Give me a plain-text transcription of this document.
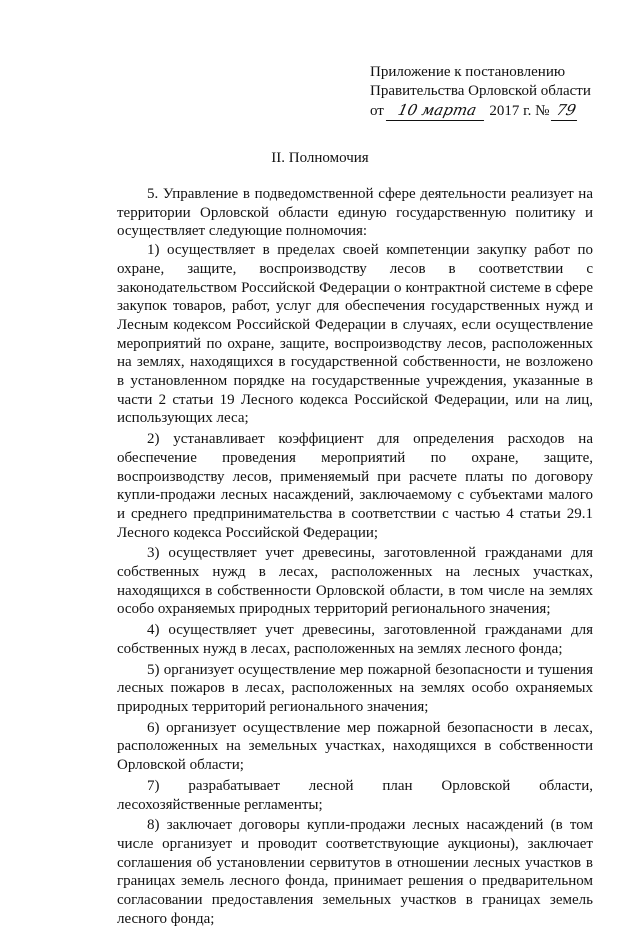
Приложение к постановлению
Правительства Орловской области
от 10 марта 2017 г. № 79
II. Полномочия

5. Управление в подведомственной сфере деятельности реализует на территории Орловской области единую государственную политику и осуществляет следующие полномочия:

1) осуществляет в пределах своей компетенции закупку работ по охране, защите, воспроизводству лесов в соответствии с законодательством Российской Федерации о контрактной системе в сфере закупок товаров, работ, услуг для обеспечения государственных нужд и Лесным кодексом Российской Федерации в случаях, если осуществление мероприятий по охране, защите, воспроизводству лесов, расположенных на землях, находящихся в государственной собственности, не возложено в установленном порядке на государственные учреждения, указанные в части 2 статьи 19 Лесного кодекса Российской Федерации, или на лиц, использующих леса;

2) устанавливает коэффициент для определения расходов на обеспечение проведения мероприятий по охране, защите, воспроизводству лесов, применяемый при расчете платы по договору купли-продажи лесных насаждений, заключаемому с субъектами малого и среднего предпринимательства в соответствии с частью 4 статьи 29.1 Лесного кодекса Российской Федерации;

3) осуществляет учет древесины, заготовленной гражданами для собственных нужд в лесах, расположенных на лесных участках, находящихся в собственности Орловской области, в том числе на землях особо охраняемых природных территорий регионального значения;

4) осуществляет учет древесины, заготовленной гражданами для собственных нужд в лесах, расположенных на землях лесного фонда;

5) организует осуществление мер пожарной безопасности и тушения лесных пожаров в лесах, расположенных на землях особо охраняемых природных территорий регионального значения;

6) организует осуществление мер пожарной безопасности в лесах, расположенных на земельных участках, находящихся в собственности Орловской области;

7) разрабатывает лесной план Орловской области, лесохозяйственные регламенты;

8) заключает договоры купли-продажи лесных насаждений (в том числе организует и проводит соответствующие аукционы), заключает соглашения об установлении сервитутов в отношении лесных участков в границах земель лесного фонда, принимает решения о предварительном согласовании предоставления земельных участков в границах земель лесного фонда;
